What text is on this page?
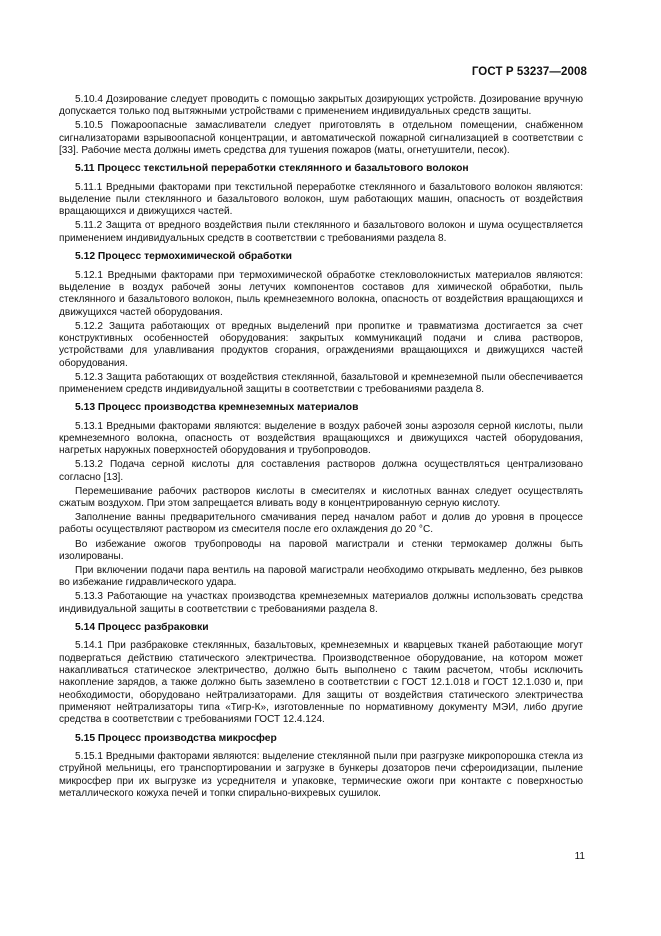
ГОСТ Р 53237—2008

5.10.4 Дозирование следует проводить с помощью закрытых дозирующих устройств. Дозирование вручную допускается только под вытяжными устройствами с применением индивидуальных средств защиты.

5.10.5 Пожароопасные замасливатели следует приготовлять в отдельном помещении, снабженном сигнализаторами взрывоопасной концентрации, и автоматической пожарной сигнализацией в соответствии с [33]. Рабочие места должны иметь средства для тушения пожаров (маты, огнетушители, песок).

5.11 Процесс текстильной переработки стеклянного и базальтового волокон

5.11.1 Вредными факторами при текстильной переработке стеклянного и базальтового волокон являются: выделение пыли стеклянного и базальтового волокон, шум работающих машин, опасность от воздействия вращающихся и движущихся частей.

5.11.2 Защита от вредного воздействия пыли стеклянного и базальтового волокон и шума осуществляется применением индивидуальных средств в соответствии с требованиями раздела 8.

5.12 Процесс термохимической обработки

5.12.1 Вредными факторами при термохимической обработке стекловолокнистых материалов являются: выделение в воздух рабочей зоны летучих компонентов составов для химической обработки, пыль стеклянного и базальтового волокон, пыль кремнеземного волокна, опасность от воздействия вращающихся и движущихся частей оборудования.

5.12.2 Защита работающих от вредных выделений при пропитке и травматизма достигается за счет конструктивных особенностей оборудования: закрытых коммуникаций подачи и слива растворов, устройствами для улавливания продуктов сгорания, ограждениями вращающихся и движущихся частей оборудования.

5.12.3 Защита работающих от воздействия стеклянной, базальтовой и кремнеземной пыли обеспечивается применением средств индивидуальной защиты в соответствии с требованиями раздела 8.

5.13 Процесс производства кремнеземных материалов

5.13.1 Вредными факторами являются: выделение в воздух рабочей зоны аэрозоля серной кислоты, пыли кремнеземного волокна, опасность от воздействия вращающихся и движущихся частей оборудования, нагретых наружных поверхностей оборудования и трубопроводов.

5.13.2 Подача серной кислоты для составления растворов должна осуществляться централизовано согласно [13].

Перемешивание рабочих растворов кислоты в смесителях и кислотных ваннах следует осуществлять сжатым воздухом. При этом запрещается вливать воду в концентрированную серную кислоту.

Заполнение ванны предварительного смачивания перед началом работ и долив до уровня в процессе работы осуществляют раствором из смесителя после его охлаждения до 20 °С.

Во избежание ожогов трубопроводы на паровой магистрали и стенки термокамер должны быть изолированы.

При включении подачи пара вентиль на паровой магистрали необходимо открывать медленно, без рывков во избежание гидравлического удара.

5.13.3 Работающие на участках производства кремнеземных материалов должны использовать средства индивидуальной защиты в соответствии с требованиями раздела 8.

5.14 Процесс разбраковки

5.14.1 При разбраковке стеклянных, базальтовых, кремнеземных и кварцевых тканей работающие могут подвергаться действию статического электричества. Производственное оборудование, на котором может накапливаться статическое электричество, должно быть выполнено с таким расчетом, чтобы исключить накопление зарядов, а также должно быть заземлено в соответствии с ГОСТ 12.1.018 и ГОСТ 12.1.030 и, при необходимости, оборудовано нейтрализаторами. Для защиты от воздействия статического электричества применяют нейтрализаторы типа «Тигр-К», изготовленные по нормативному документу МЭИ, либо другие средства в соответствии с требованиями ГОСТ 12.4.124.

5.15 Процесс производства микросфер

5.15.1 Вредными факторами являются: выделение стеклянной пыли при разгрузке микропорошка стекла из струйной мельницы, его транспортировании и загрузке в бункеры дозаторов печи сфероидизации, пыление микросфер при их выгрузке из усреднителя и упаковке, термические ожоги при контакте с поверхностью металлического кожуха печей и топки спирально-вихревых сушилок.

11
